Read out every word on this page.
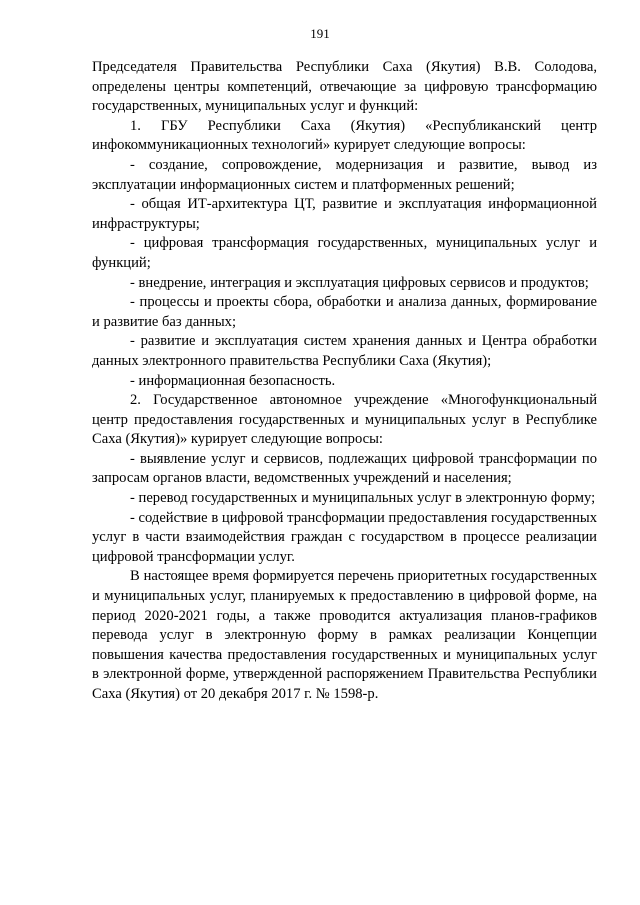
191

Председателя Правительства Республики Саха (Якутия) В.В. Солодова, определены центры компетенций, отвечающие за цифровую трансформацию государственных, муниципальных услуг и функций:

1. ГБУ Республики Саха (Якутия) «Республиканский центр инфокоммуникационных технологий» курирует следующие вопросы:

- создание, сопровождение, модернизация и развитие, вывод из эксплуатации информационных систем и платформенных решений;

- общая ИТ-архитектура ЦТ, развитие и эксплуатация информационной инфраструктуры;

- цифровая трансформация государственных, муниципальных услуг и функций;

- внедрение, интеграция и эксплуатация цифровых сервисов и продуктов;

- процессы и проекты сбора, обработки и анализа данных, формирование и развитие баз данных;

- развитие и эксплуатация систем хранения данных и Центра обработки данных электронного правительства Республики Саха (Якутия);

- информационная безопасность.

2. Государственное автономное учреждение «Многофункциональный центр предоставления государственных и муниципальных услуг в Республике Саха (Якутия)» курирует следующие вопросы:

- выявление услуг и сервисов, подлежащих цифровой трансформации по запросам органов власти, ведомственных учреждений и населения;

- перевод государственных и муниципальных услуг в электронную форму;

- содействие в цифровой трансформации предоставления государственных услуг в части взаимодействия граждан с государством в процессе реализации цифровой трансформации услуг.

В настоящее время формируется перечень приоритетных государственных и муниципальных услуг, планируемых к предоставлению в цифровой форме, на период 2020-2021 годы, а также проводится актуализация планов-графиков перевода услуг в электронную форму в рамках реализации Концепции повышения качества предоставления государственных и муниципальных услуг в электронной форме, утвержденной распоряжением Правительства Республики Саха (Якутия) от 20 декабря 2017 г. № 1598-р.
